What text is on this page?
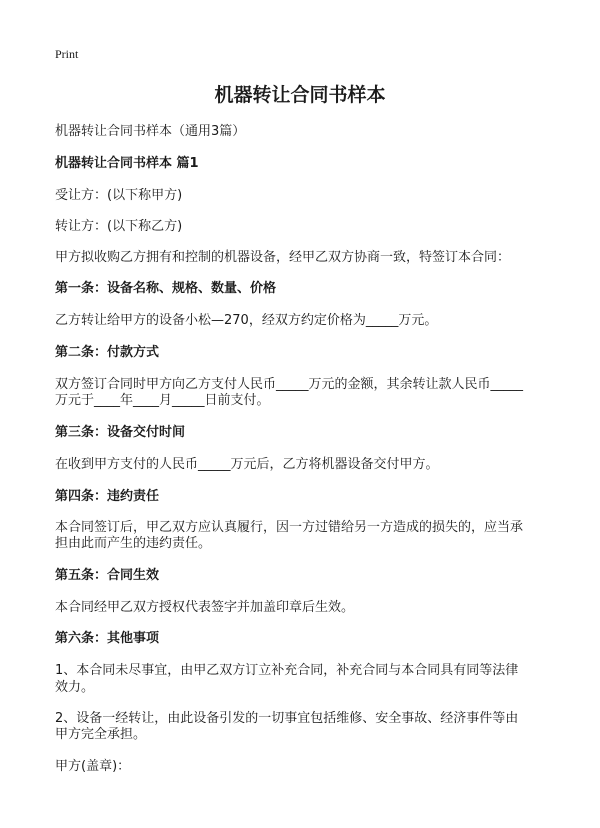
Print
机器转让合同书样本
机器转让合同书样本（通用3篇）
机器转让合同书样本 篇1
受让方：(以下称甲方)
转让方：(以下称乙方)
甲方拟收购乙方拥有和控制的机器设备，经甲乙双方协商一致，特签订本合同：
第一条：设备名称、规格、数量、价格
乙方转让给甲方的设备小松—270，经双方约定价格为_____万元。
第二条：付款方式
双方签订合同时甲方向乙方支付人民币_____万元的金额，其余转让款人民币_____
万元于____年____月_____日前支付。
第三条：设备交付时间
在收到甲方支付的人民币_____万元后，乙方将机器设备交付甲方。
第四条：违约责任
本合同签订后，甲乙双方应认真履行，因一方过错给另一方造成的损失的，应当承
担由此而产生的违约责任。
第五条：合同生效
本合同经甲乙双方授权代表签字并加盖印章后生效。
第六条：其他事项
1、本合同未尽事宜，由甲乙双方订立补充合同，补充合同与本合同具有同等法律
效力。
2、设备一经转让，由此设备引发的一切事宜包括维修、安全事故、经济事件等由
甲方完全承担。
甲方(盖章)：
